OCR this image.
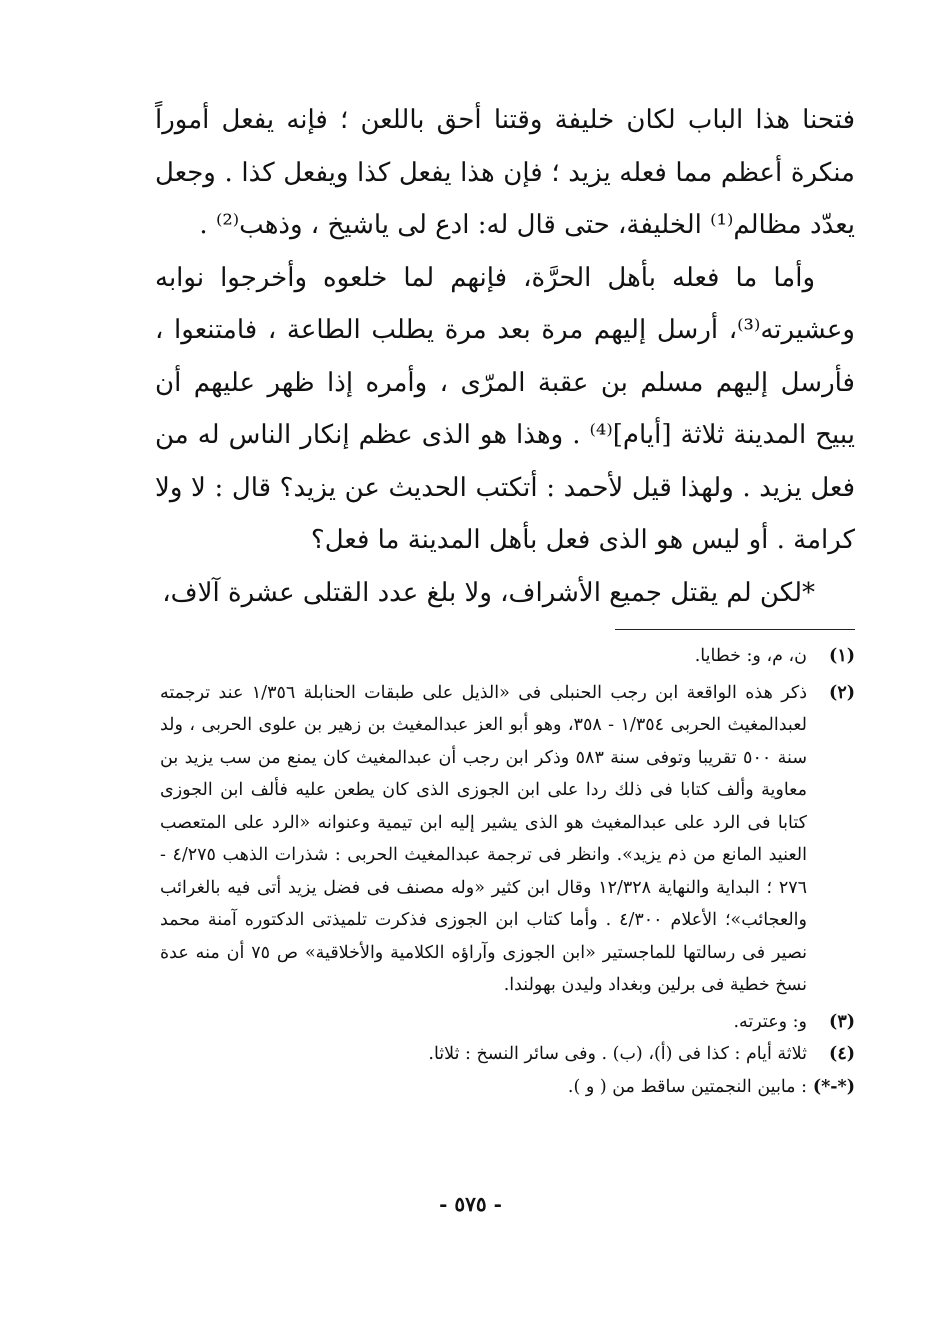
فتحنا هذا الباب لكان خليفة وقتنا أحق باللعن ؛ فإنه يفعل أموراً منكرة أعظم مما فعله يزيد ؛ فإن هذا يفعل كذا ويفعل كذا . وجعل يعدّد مظالم⁽¹⁾ الخليفة، حتى قال له: ادع لى ياشيخ ، وذهب⁽²⁾ .

وأما ما فعله بأهل الحرَّة، فإنهم لما خلعوه وأخرجوا نوابه وعشيرته⁽³⁾، أرسل إليهم مرة بعد مرة يطلب الطاعة ، فامتنعوا ، فأرسل إليهم مسلم بن عقبة المرّى ، وأمره إذا ظهر عليهم أن يبيح المدينة ثلاثة [أيام]⁽⁴⁾ . وهذا هو الذى عظم إنكار الناس له من فعل يزيد . ولهذا قيل لأحمد : أتكتب الحديث عن يزيد؟ قال : لا ولا كرامة . أو ليس هو الذى فعل بأهل المدينة ما فعل؟

*لكن لم يقتل جميع الأشراف، ولا بلغ عدد القتلى عشرة آلاف،

(١)
ن، م، و: خطايا.
(٢)
ذكر هذه الواقعة ابن رجب الحنبلى فى «الذيل على طبقات الحنابلة ١/٣٥٦ عند ترجمته لعبدالمغيث الحربى ١/٣٥٤ - ٣٥٨، وهو أبو العز عبدالمغيث بن زهير بن علوى الحربى ، ولد سنة ٥٠٠ تقريبا وتوفى سنة ٥٨٣ وذكر ابن رجب أن عبدالمغيث كان يمنع من سب يزيد بن معاوية وألف كتابا فى ذلك ردا على ابن الجوزى الذى كان يطعن عليه فألف ابن الجوزى كتابا فى الرد على عبدالمغيث هو الذى يشير إليه ابن تيمية وعنوانه «الرد على المتعصب العنيد المانع من ذم يزيد». وانظر فى ترجمة عبدالمغيث الحربى : شذرات الذهب ٤/٢٧٥ - ٢٧٦ ؛ البداية والنهاية ١٢/٣٢٨ وقال ابن كثير «وله مصنف فى فضل يزيد أتى فيه بالغرائب والعجائب»؛ الأعلام ٤/٣٠٠ . وأما كتاب ابن الجوزى فذكرت تلميذتى الدكتوره آمنة محمد نصير فى رسالتها للماجستير «ابن الجوزى وآراؤه الكلامية والأخلاقية» ص ٧٥ أن منه عدة نسخ خطية فى برلين وبغداد وليدن بهولندا.
(٣)
و: وعترته.
(٤)
ثلاثة أيام : كذا فى (أ)، (ب) . وفى سائر النسخ : ثلاثا.
(*-*)
: مابين النجمتين ساقط من ( و ).
- ٥٧٥ -
